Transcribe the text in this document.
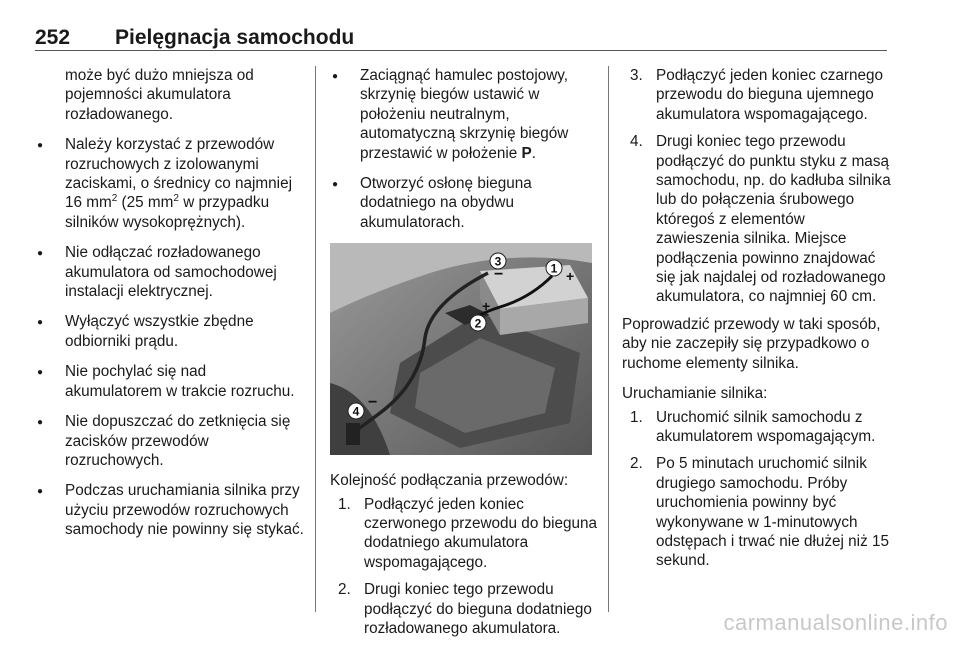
252 Pielęgnacja samochodu
może być dużo mniejsza od pojemności akumulatora rozładowanego.
● Należy korzystać z przewodów rozruchowych z izolowanymi zaciskami, o średnicy co najmniej 16 $mm^2$ (25 $mm^2$ w przypadku silników wysokoprężnych).
● Nie odłączać rozładowanego akumulatora od samochodowej instalacji elektrycznej.
● Wyłączyć wszystkie zbędne odbiorniki prądu.
● Nie pochylać się nad akumulatorem w trakcie rozruchu.
● Nie dopuszczać do zetknięcia się zacisków przewodów rozruchowych.
● Podczas uruchamiania silnika przy użyciu przewodów rozruchowych samochody nie powinny się stykać.
● Zaciągnąć hamulec postojowy, skrzynię biegów ustawić w położeniu neutralnym, automatyczną skrzynię biegów przestawić w położenie P.
● Otworzyć osłonę bieguna dodatniego na obydwu akumulatorach.
1 +
2
+
3
−
4
−
Kolejność podłączania przewodów:
1. Podłączyć jeden koniec czerwonego przewodu do bieguna dodatniego akumulatora wspomagającego.
2. Drugi koniec tego przewodu podłączyć do bieguna dodatniego rozładowanego akumulatora.
3. Podłączyć jeden koniec czarnego przewodu do bieguna ujemnego akumulatora wspomagającego.
4. Drugi koniec tego przewodu podłączyć do punktu styku z masą samochodu, np. do kadłuba silnika lub do połączenia śrubowego któregoś z elementów zawieszenia silnika. Miejsce podłączenia powinno znajdować się jak najdalej od rozładowanego akumulatora, co najmniej 60 cm.
Poprowadzić przewody w taki sposób, aby nie zaczepiły się przypadkowo o ruchome elementy silnika.
Uruchamianie silnika:
1. Uruchomić silnik samochodu z akumulatorem wspomagającym.
2. Po 5 minutach uruchomić silnik drugiego samochodu. Próby uruchomienia powinny być wykonywane w 1-minutowych odstępach i trwać nie dłużej niż 15 sekund.
carmanualsonline.info
